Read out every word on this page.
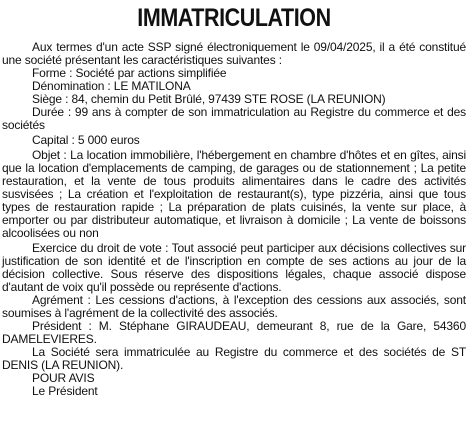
IMMATRICULATION

Aux termes d'un acte SSP signé électroniquement le 09/04/2025, il a été constitué une société présentant les caractéristiques suivantes :

Forme : Société par actions simplifiée

Dénomination : LE MATILONA

Siège : 84, chemin du Petit Brûlé, 97439 STE ROSE (LA REUNION)

Durée : 99 ans à compter de son immatriculation au Registre du commerce et des sociétés

Capital : 5 000 euros

Objet : La location immobilière, l'hébergement en chambre d'hôtes et en gîtes, ainsi que la location d'emplacements de camping, de garages ou de stationnement ; La petite restauration, et la vente de tous produits alimentaires dans le cadre des activités susvisées ; La création et l'exploitation de restaurant(s), type pizzéria, ainsi que tous types de restauration rapide ; La préparation de plats cuisinés, la vente sur place, à emporter ou par distributeur automatique, et livraison à domicile ; La vente de boissons alcoolisées ou non

Exercice du droit de vote : Tout associé peut participer aux décisions collectives sur justification de son identité et de l'inscription en compte de ses actions au jour de la décision collective. Sous réserve des dispositions légales, chaque associé dispose d'autant de voix qu'il possède ou représente d'actions.

Agrément : Les cessions d'actions, à l'exception des cessions aux associés, sont soumises à l'agrément de la collectivité des associés.

Président : M. Stéphane GIRAUDEAU, demeurant 8, rue de la Gare, 54360 DAMELEVIERES.

La Société sera immatriculée au Registre du commerce et des sociétés de ST DENIS (LA REUNION).

POUR AVIS

Le Président
